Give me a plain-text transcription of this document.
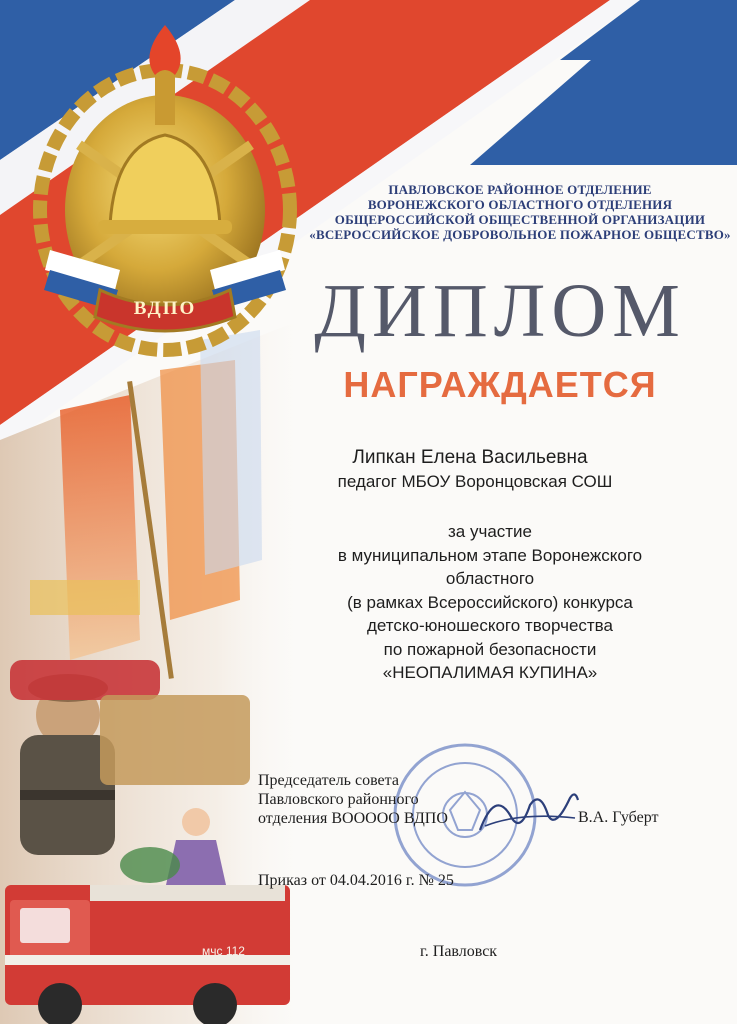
ВДПО
мчс 112
ПАВЛОВСКОЕ РАЙОННОЕ ОТДЕЛЕНИЕ
ВОРОНЕЖСКОГО ОБЛАСТНОГО ОТДЕЛЕНИЯ
ОБЩЕРОССИЙСКОЙ ОБЩЕСТВЕННОЙ ОРГАНИЗАЦИИ
«ВСЕРОССИЙСКОЕ ДОБРОВОЛЬНОЕ ПОЖАРНОЕ ОБЩЕСТВО»
ДИПЛОМ
НАГРАЖДАЕТСЯ
Липкан Елена Васильевна
педагог МБОУ Воронцовская СОШ
за участие
в муниципальном этапе Воронежского
областного
(в рамках Всероссийского) конкурса
детско-юношеского творчества
по пожарной безопасности
«НЕОПАЛИМАЯ КУПИНА»
Председатель совета
Павловского районного
отделения ВООООО ВДПО	В.А. Губерт
Приказ от 04.04.2016 г. № 25
г. Павловск
